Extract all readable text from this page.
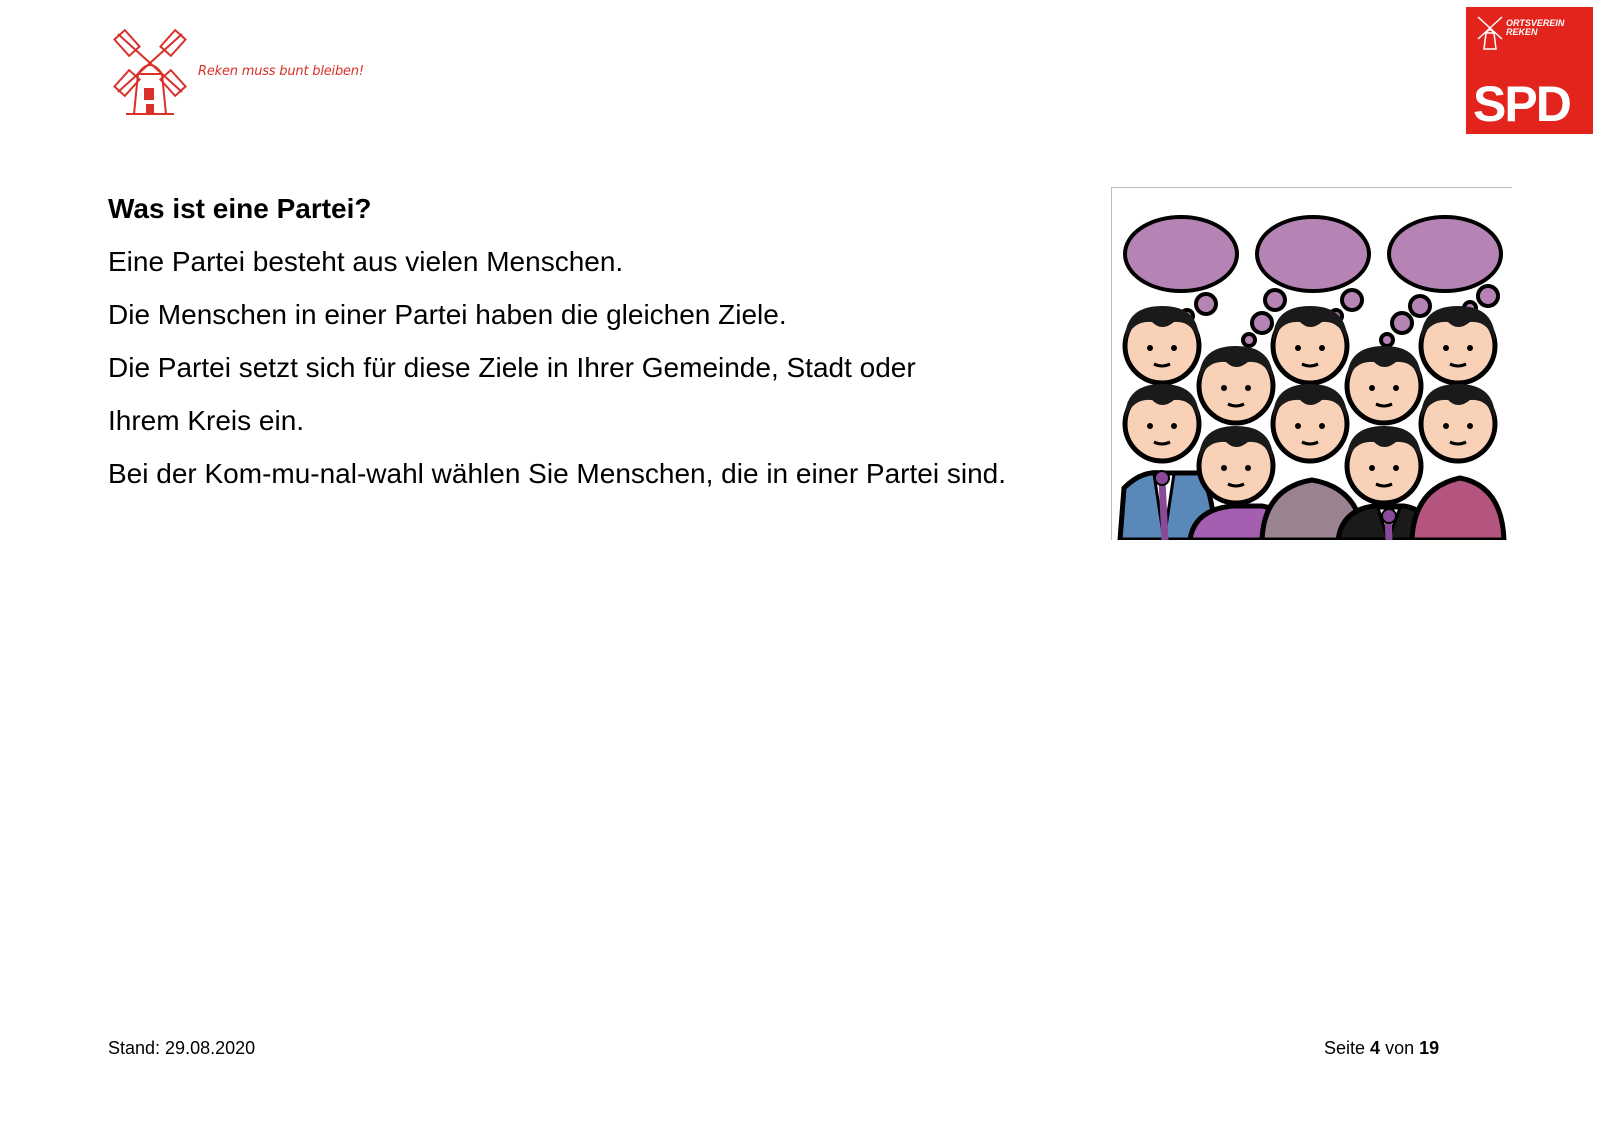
Reken muss bunt bleiben!
ORTSVEREIN
REKEN
SPD

Was ist eine Partei?

Eine Partei besteht aus vielen Menschen.

Die Menschen in einer Partei haben die gleichen Ziele.

Die Partei setzt sich für diese Ziele in Ihrer Gemeinde, Stadt oder

Ihrem Kreis ein.

Bei der Kom-mu-nal-wahl wählen Sie Menschen, die in einer Partei sind.

Stand: 29.08.2020	Seite 4 von 19
